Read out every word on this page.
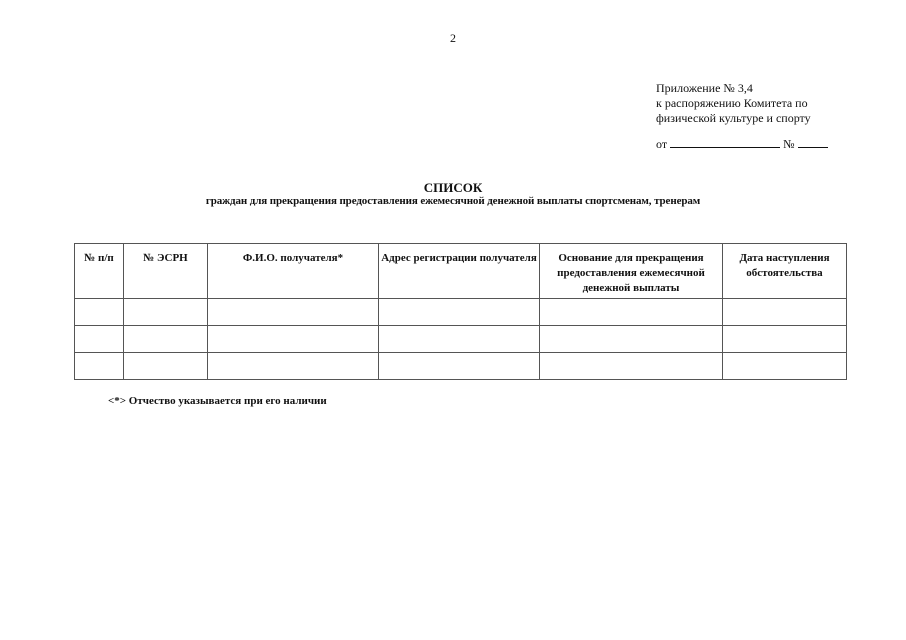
2
Приложение № 3,4
к распоряжению Комитета по
физической культуре и спорту
от	№
СПИСОК
граждан для прекращения предоставления ежемесячной денежной выплаты спортсменам, тренерам
№ п/п	№ ЭСРН	Ф.И.О. получателя*	Адрес регистрации получателя	Основание для прекращения предоставления ежемесячной денежной выплаты	Дата наступления обстоятельства

<*> Отчество указывается при его наличии
